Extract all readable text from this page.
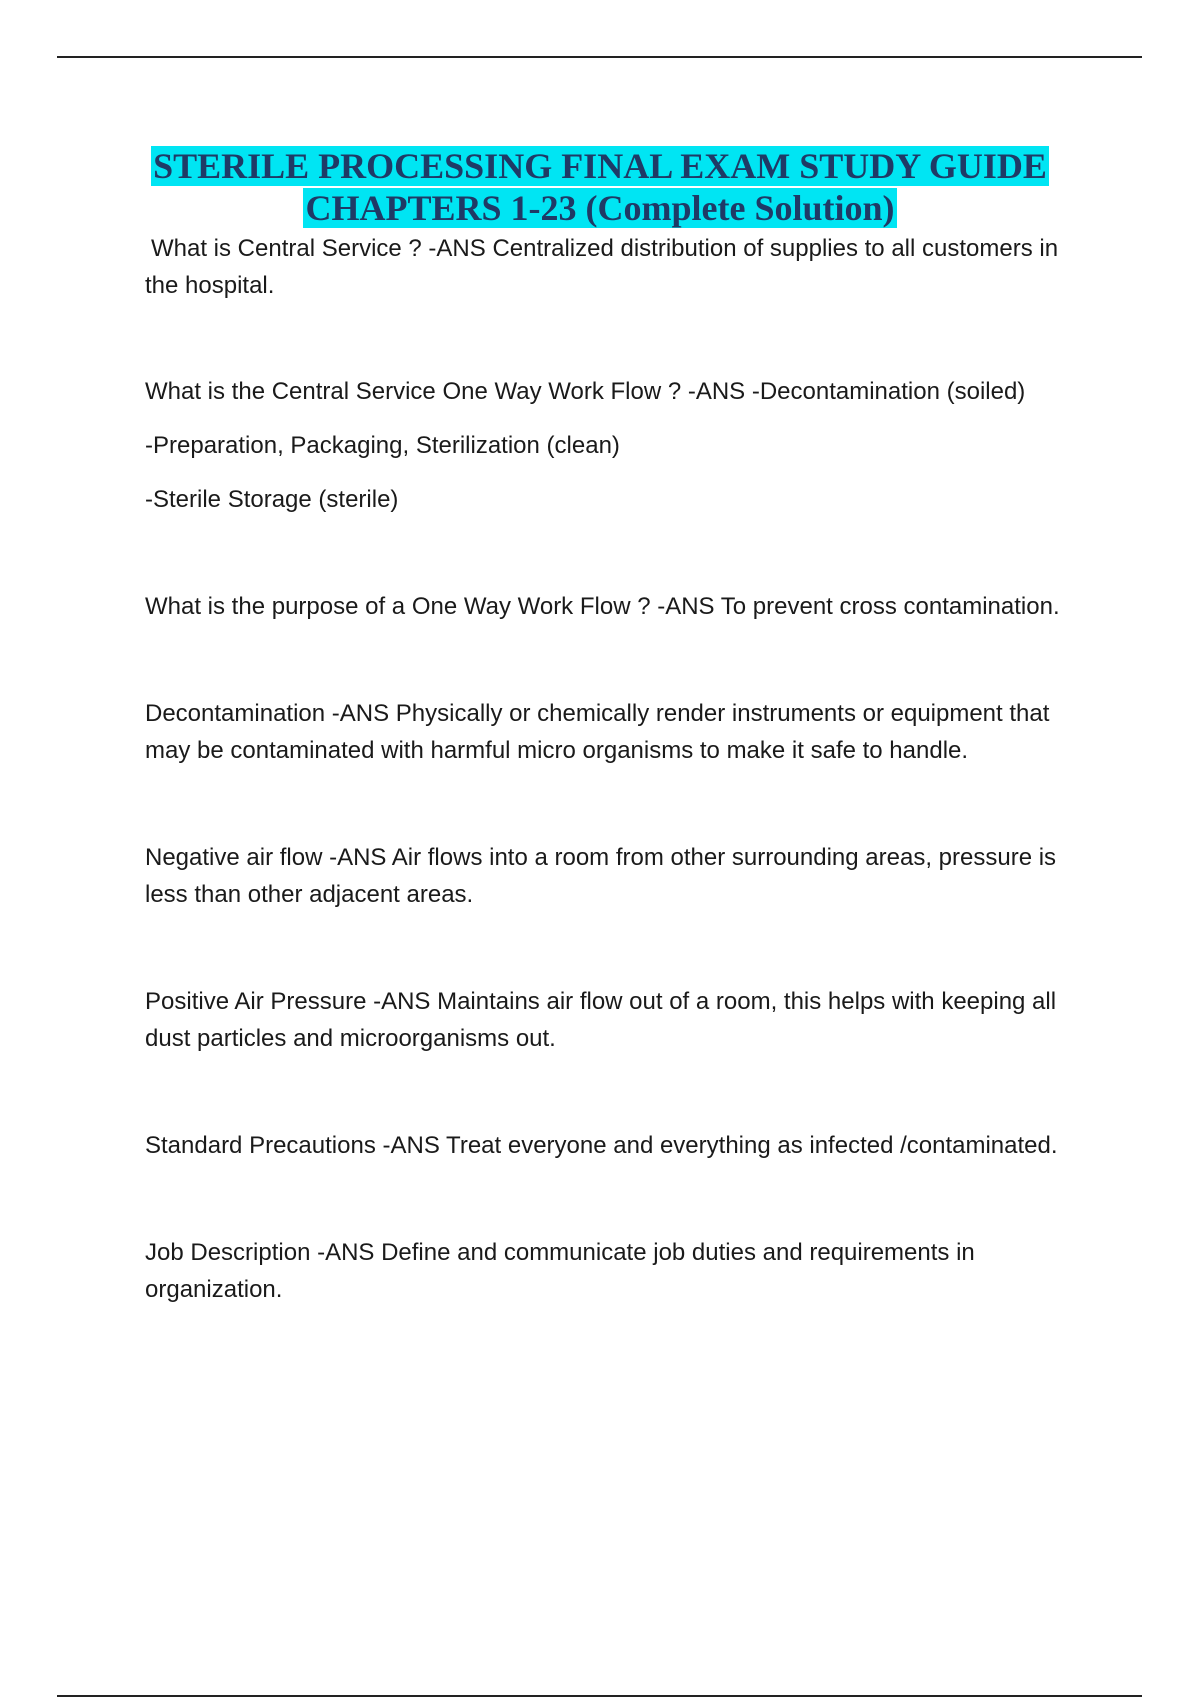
STERILE PROCESSING FINAL EXAM STUDY GUIDE
CHAPTERS 1-23 (Complete Solution)

What is Central Service ? -ANS Centralized distribution of supplies to all customers in the hospital.

What is the Central Service One Way Work Flow ? -ANS -Decontamination (soiled)

-Preparation, Packaging, Sterilization (clean)

-Sterile Storage (sterile)

What is the purpose of a One Way Work Flow ? -ANS To prevent cross contamination.

Decontamination -ANS Physically or chemically render instruments or equipment that may be contaminated with harmful micro organisms to make it safe to handle.

Negative air flow -ANS Air flows into a room from other surrounding areas, pressure is less than other adjacent areas.

Positive Air Pressure -ANS Maintains air flow out of a room, this helps with keeping all dust particles and microorganisms out.

Standard Precautions -ANS Treat everyone and everything as infected /contaminated.

Job Description -ANS Define and communicate job duties and requirements in organization.
